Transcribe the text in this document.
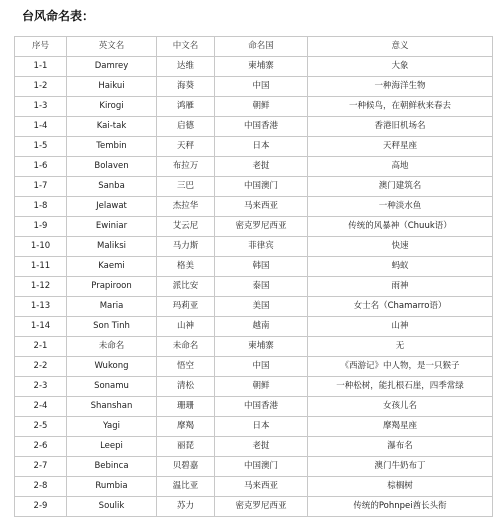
台风命名表：
序号	英文名	中文名	命名国	意义
1-1	Damrey	达维	柬埔寨	大象
1-2	Haikui	海葵	中国	一种海洋生物
1-3	Kirogi	鸿雁	朝鲜	一种候鸟，在朝鲜秋来春去
1-4	Kai-tak	启德	中国香港	香港旧机场名
1-5	Tembin	天秤	日本	天秤星座
1-6	Bolaven	布拉万	老挝	高地
1-7	Sanba	三巴	中国澳门	澳门建筑名
1-8	Jelawat	杰拉华	马来西亚	一种淡水鱼
1-9	Ewiniar	艾云尼	密克罗尼西亚	传统的风暴神（Chuuk语）
1-10	Maliksi	马力斯	菲律宾	快速
1-11	Kaemi	格美	韩国	蚂蚁
1-12	Prapiroon	派比安	泰国	雨神
1-13	Maria	玛莉亚	美国	女士名（Chamarro语）
1-14	Son Tinh	山神	越南	山神
2-1	未命名	未命名	柬埔寨	无
2-2	Wukong	悟空	中国	《西游记》中人物，是一只猴子
2-3	Sonamu	清松	朝鲜	一种松树，能扎根石崖，四季常绿
2-4	Shanshan	珊珊	中国香港	女孩儿名
2-5	Yagi	摩羯	日本	摩羯星座
2-6	Leepi	丽琵	老挝	瀑布名
2-7	Bebinca	贝碧嘉	中国澳门	澳门牛奶布丁
2-8	Rumbia	温比亚	马来西亚	棕榈树
2-9	Soulik	苏力	密克罗尼西亚	传统的Pohnpei酋长头衔
